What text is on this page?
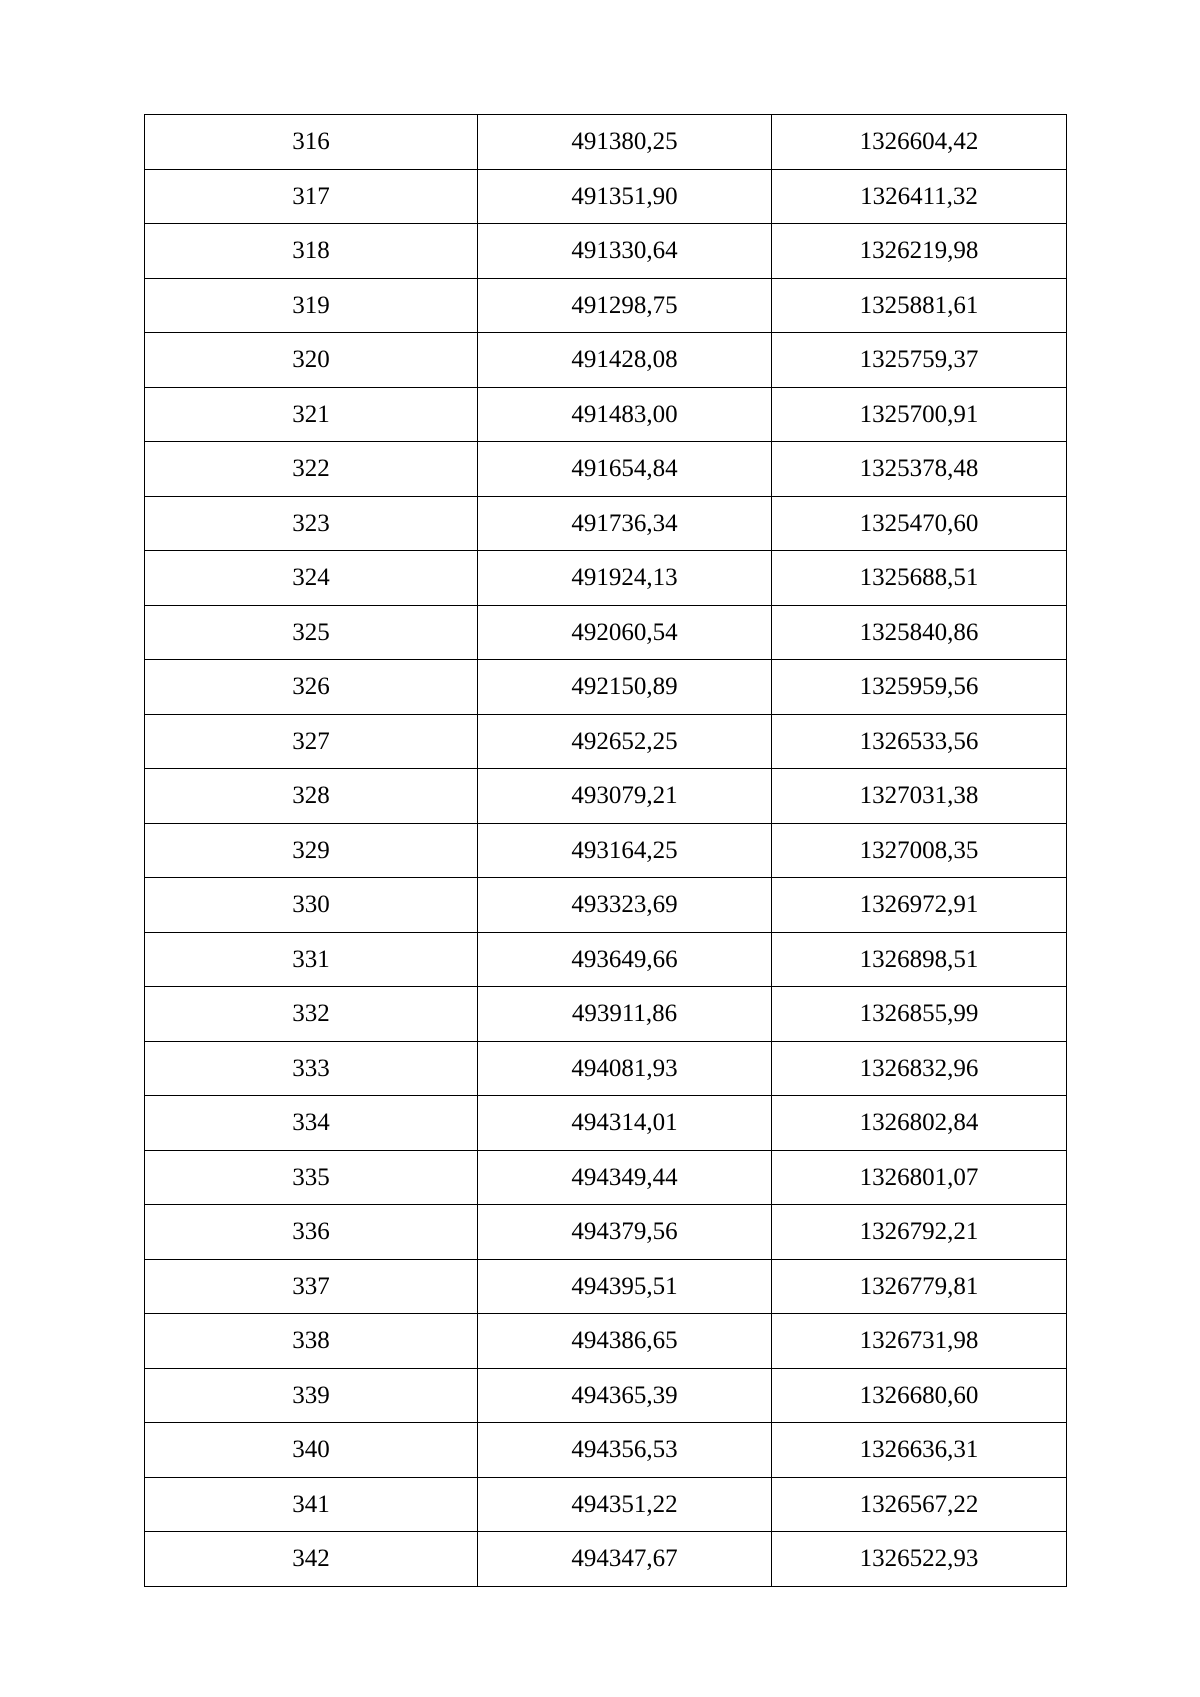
316	491380,25	1326604,42
317	491351,90	1326411,32
318	491330,64	1326219,98
319	491298,75	1325881,61
320	491428,08	1325759,37
321	491483,00	1325700,91
322	491654,84	1325378,48
323	491736,34	1325470,60
324	491924,13	1325688,51
325	492060,54	1325840,86
326	492150,89	1325959,56
327	492652,25	1326533,56
328	493079,21	1327031,38
329	493164,25	1327008,35
330	493323,69	1326972,91
331	493649,66	1326898,51
332	493911,86	1326855,99
333	494081,93	1326832,96
334	494314,01	1326802,84
335	494349,44	1326801,07
336	494379,56	1326792,21
337	494395,51	1326779,81
338	494386,65	1326731,98
339	494365,39	1326680,60
340	494356,53	1326636,31
341	494351,22	1326567,22
342	494347,67	1326522,93
